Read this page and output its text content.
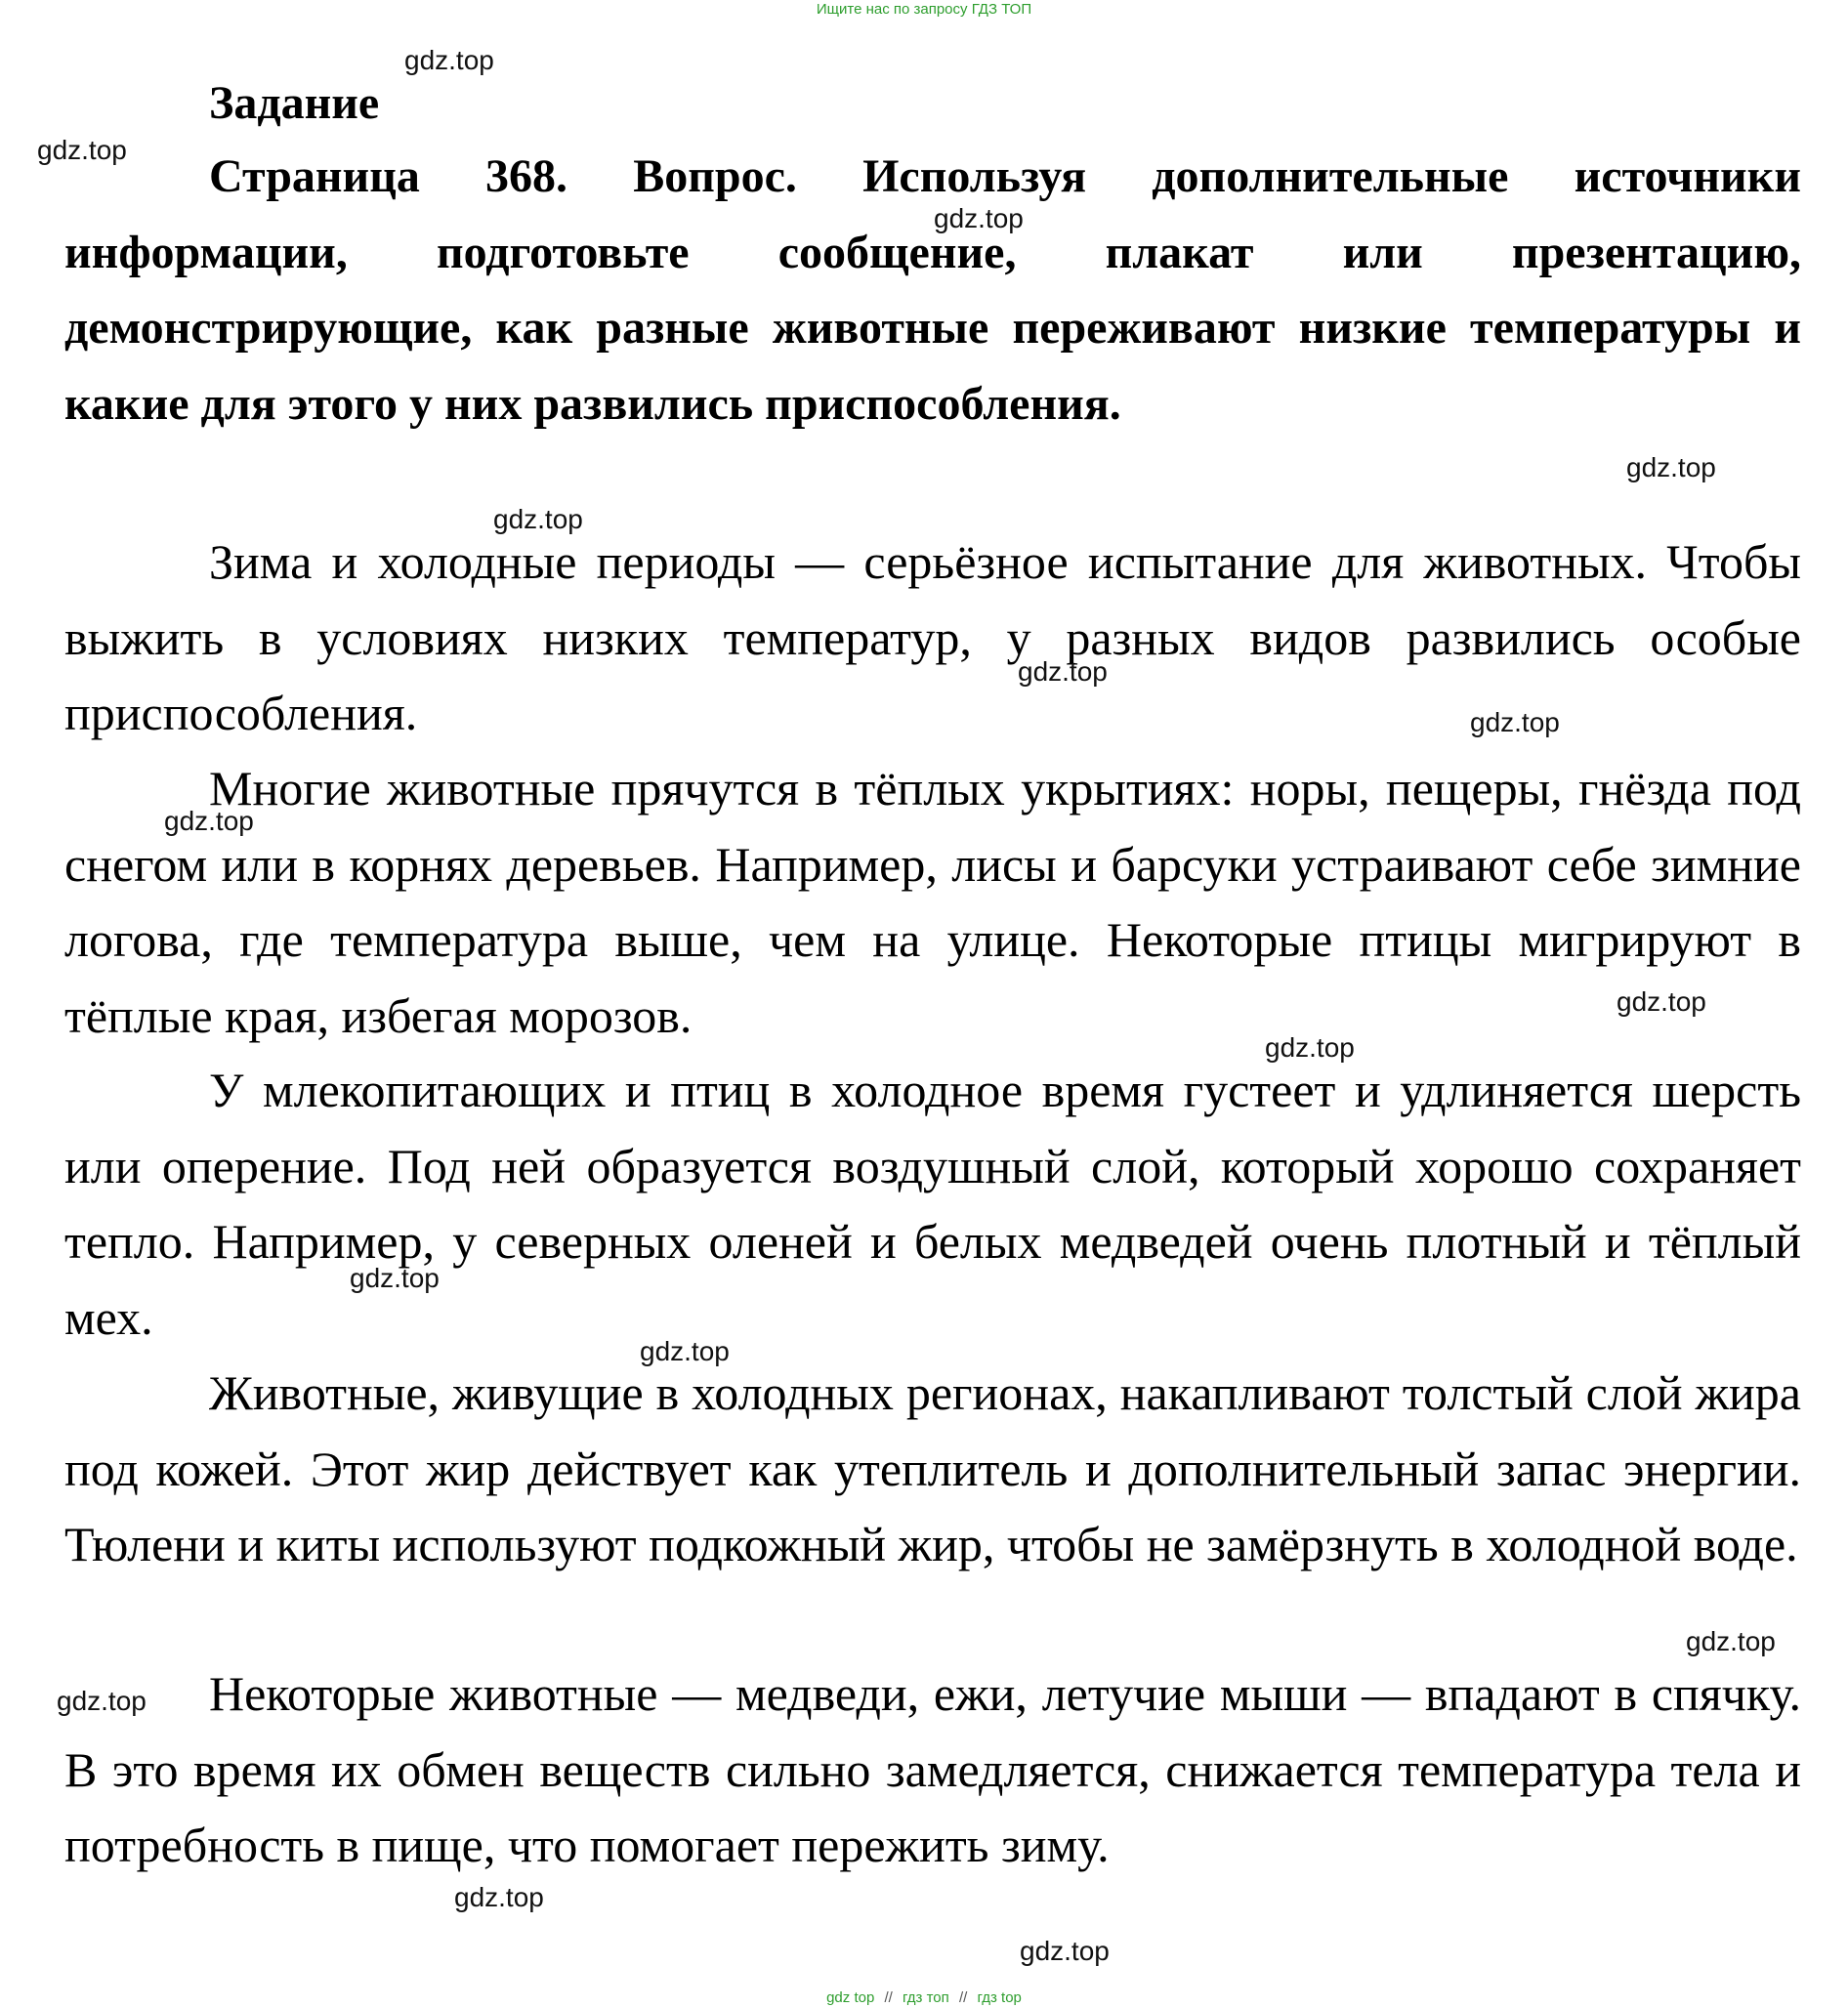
Ищите нас по запросу ГДЗ ТОП
Задание

Страница 368. Вопрос. Используя дополнительные источники информации, подготовьте сообщение, плакат или презентацию, демонстрирующие, как разные животные переживают низкие температуры и какие для этого у них развились приспособления.

Зима и холодные периоды — серьёзное испытание для животных. Чтобы выжить в условиях низких температур, у разных видов развились особые приспособления.

Многие животные прячутся в тёплых укрытиях: норы, пещеры, гнёзда под снегом или в корнях деревьев. Например, лисы и барсуки устраивают себе зимние логова, где температура выше, чем на улице. Некоторые птицы мигрируют в тёплые края, избегая морозов.

У млекопитающих и птиц в холодное время густеет и удлиняется шерсть или оперение. Под ней образуется воздушный слой, который хорошо сохраняет тепло. Например, у северных оленей и белых медведей очень плотный и тёплый мех.

Животные, живущие в холодных регионах, накапливают толстый слой жира под кожей. Этот жир действует как утеплитель и дополнительный запас энергии. Тюлени и киты используют подкожный жир, чтобы не замёрзнуть в холодной воде.

Некоторые животные — медведи, ежи, летучие мыши — впадают в спячку. В это время их обмен веществ сильно замедляется, снижается температура тела и потребность в пище, что помогает пережить зиму.

gdz.top
gdz.top
gdz.top
gdz.top
gdz.top
gdz.top
gdz.top
gdz.top
gdz.top
gdz.top
gdz.top
gdz.top
gdz.top
gdz.top
gdz.top
gdz.top
gdz top // гдз топ // гдз top
